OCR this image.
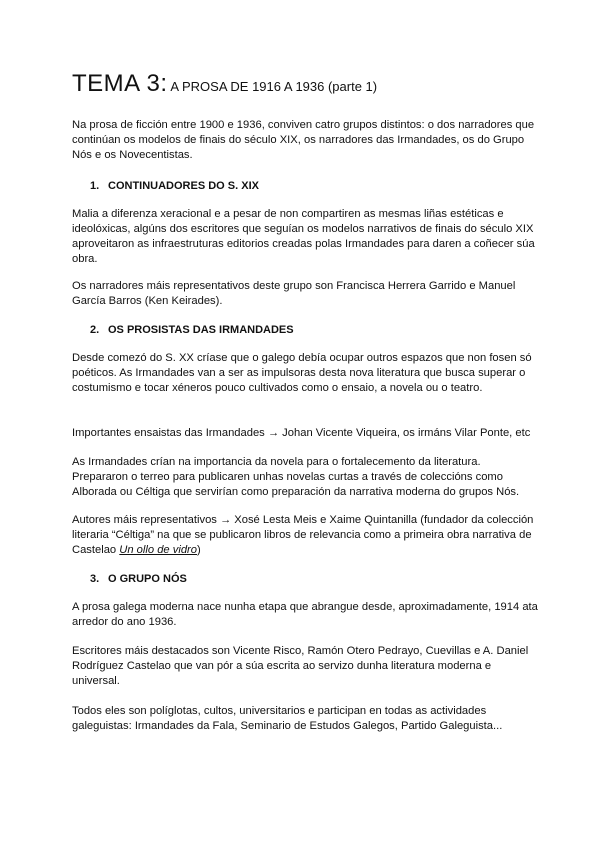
TEMA 3: A PROSA DE 1916 A 1936 (parte 1)

Na prosa de ficción entre 1900 e 1936, conviven catro grupos distintos: o dos narradores que continúan os modelos de finais do século XIX, os narradores das Irmandades, os do Grupo Nós e os Novecentistas.

1. CONTINUADORES DO S. XIX

Malia a diferenza xeracional e a pesar de non compartiren as mesmas liñas estéticas e ideolóxicas, algúns dos escritores que seguían os modelos narrativos de finais do século XIX aproveitaron as infraestruturas editorios creadas polas Irmandades para daren a coñecer súa obra.

Os narradores máis representativos deste grupo son Francisca Herrera Garrido e Manuel García Barros (Ken Keirades).

2. OS PROSISTAS DAS IRMANDADES

Desde comezó do S. XX críase que o galego debía ocupar outros espazos que non fosen só poéticos. As Irmandades van a ser as impulsoras desta nova literatura que busca superar o costumismo e tocar xéneros pouco cultivados como o ensaio, a novela ou o teatro.

Importantes ensaistas das Irmandades → Johan Vicente Viqueira, os irmáns Vilar Ponte, etc

As Irmandades crían na importancia da novela para o fortalecemento da literatura. Prepararon o terreo para publicaren unhas novelas curtas a través de coleccións como Alborada ou Céltiga que servirían como preparación da narrativa moderna do grupos Nós.

Autores máis representativos → Xosé Lesta Meis e Xaime Quintanilla (fundador da colección literaria “Céltiga” na que se publicaron libros de relevancia como a primeira obra narrativa de Castelao Un ollo de vidro)

3. O GRUPO NÓS

A prosa galega moderna nace nunha etapa que abrangue desde, aproximadamente, 1914 ata arredor do ano 1936.

Escritores máis destacados son Vicente Risco, Ramón Otero Pedrayo, Cuevillas e A. Daniel Rodríguez Castelao que van pór a súa escrita ao servizo dunha literatura moderna e universal.

Todos eles son políglotas, cultos, universitarios e participan en todas as actividades galeguistas: Irmandades da Fala, Seminario de Estudos Galegos, Partido Galeguista...
